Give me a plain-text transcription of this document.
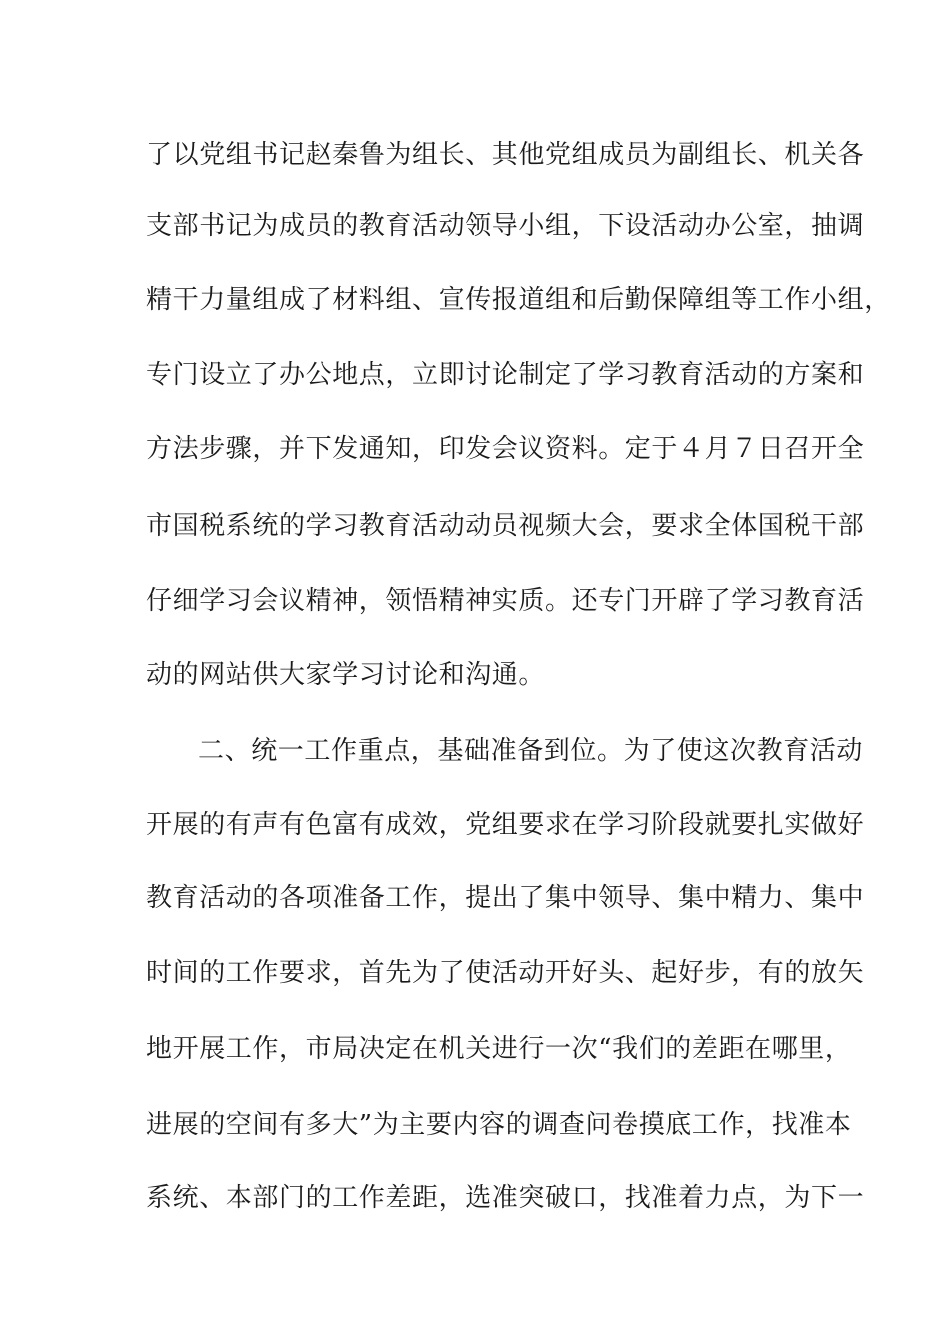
了以党组书记赵秦鲁为组长、其他党组成员为副组长、机关各
支部书记为成员的教育活动领导小组，下设活动办公室，抽调
精干力量组成了材料组、宣传报道组和后勤保障组等工作小组，
专门设立了办公地点，立即讨论制定了学习教育活动的方案和
方法步骤，并下发通知，印发会议资料。定于４月７日召开全
市国税系统的学习教育活动动员视频大会，要求全体国税干部
仔细学习会议精神，领悟精神实质。还专门开辟了学习教育活
动的网站供大家学习讨论和沟通。
二、统一工作重点，基础准备到位。为了使这次教育活动
开展的有声有色富有成效，党组要求在学习阶段就要扎实做好
教育活动的各项准备工作，提出了集中领导、集中精力、集中
时间的工作要求，首先为了使活动开好头、起好步，有的放矢
地开展工作，市局决定在机关进行一次“我们的差距在哪里，
进展的空间有多大”为主要内容的调查问卷摸底工作，找准本
系统、本部门的工作差距，选准突破口，找准着力点，为下一
